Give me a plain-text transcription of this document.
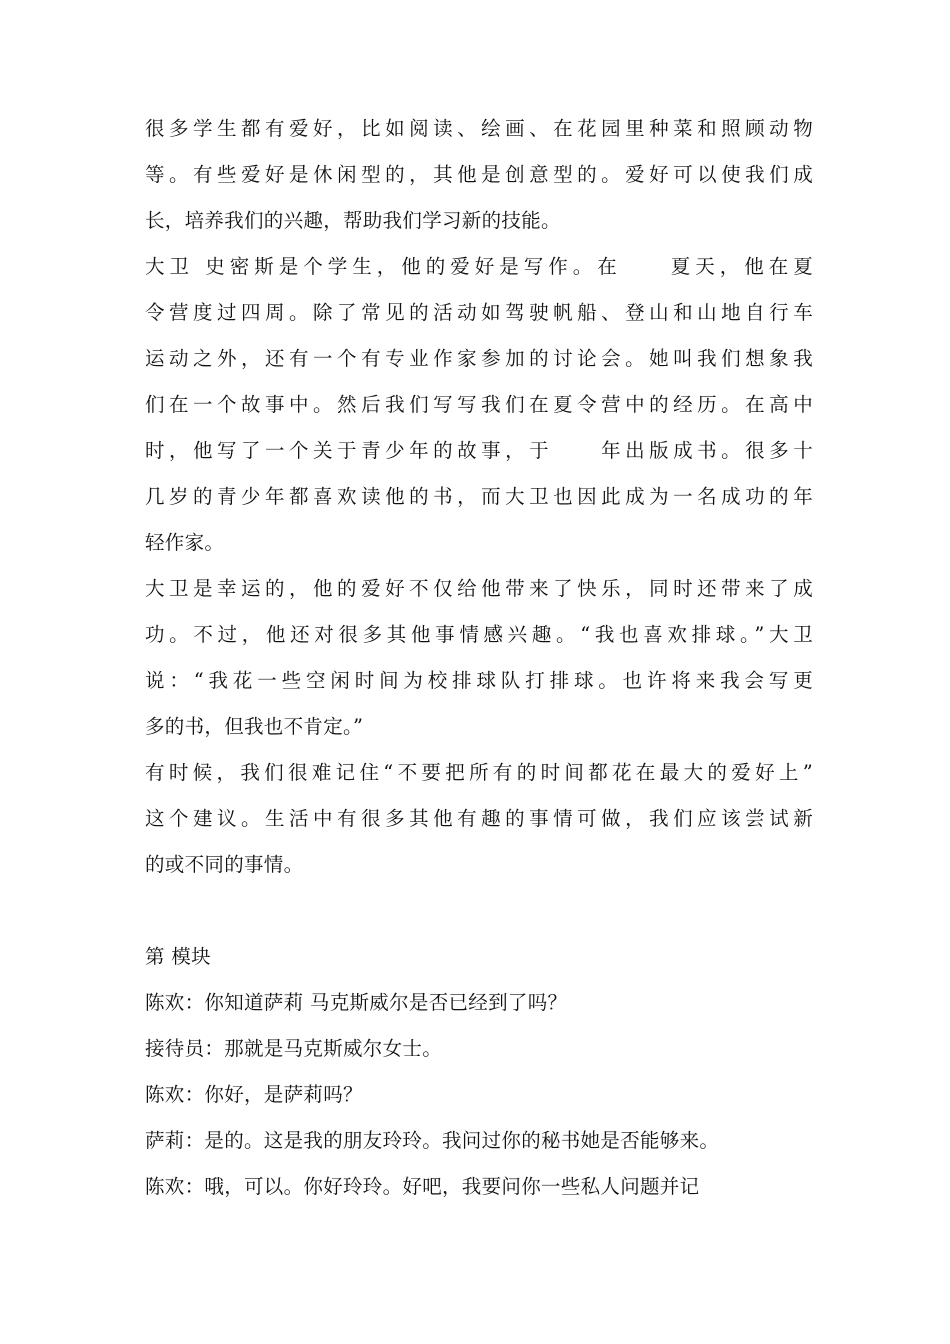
很多学生都有爱好，比如阅读、绘画、在花园里种菜和照顾动物
等。有些爱好是休闲型的，其他是创意型的。爱好可以使我们成
长，培养我们的兴趣，帮助我们学习新的技能。
大卫 史密斯是个学生，他的爱好是写作。在　　夏天，他在夏
令营度过四周。除了常见的活动如驾驶帆船、登山和山地自行车
运动之外，还有一个有专业作家参加的讨论会。她叫我们想象我
们在一个故事中。然后我们写写我们在夏令营中的经历。在高中
时，他写了一个关于青少年的故事，于　　年出版成书。很多十
几岁的青少年都喜欢读他的书，而大卫也因此成为一名成功的年
轻作家。
大卫是幸运的，他的爱好不仅给他带来了快乐，同时还带来了成
功。不过，他还对很多其他事情感兴趣。“我也喜欢排球。”大卫
说：“我花一些空闲时间为校排球队打排球。也许将来我会写更
多的书，但我也不肯定。”
有时候，我们很难记住“不要把所有的时间都花在最大的爱好上”
这个建议。生活中有很多其他有趣的事情可做，我们应该尝试新
的或不同的事情。
第 模块
陈欢：你知道萨莉 马克斯威尔是否已经到了吗？
接待员：那就是马克斯威尔女士。
陈欢：你好，是萨莉吗？
萨莉：是的。这是我的朋友玲玲。我问过你的秘书她是否能够来。
陈欢：哦，可以。你好玲玲。好吧，我要问你一些私人问题并记
